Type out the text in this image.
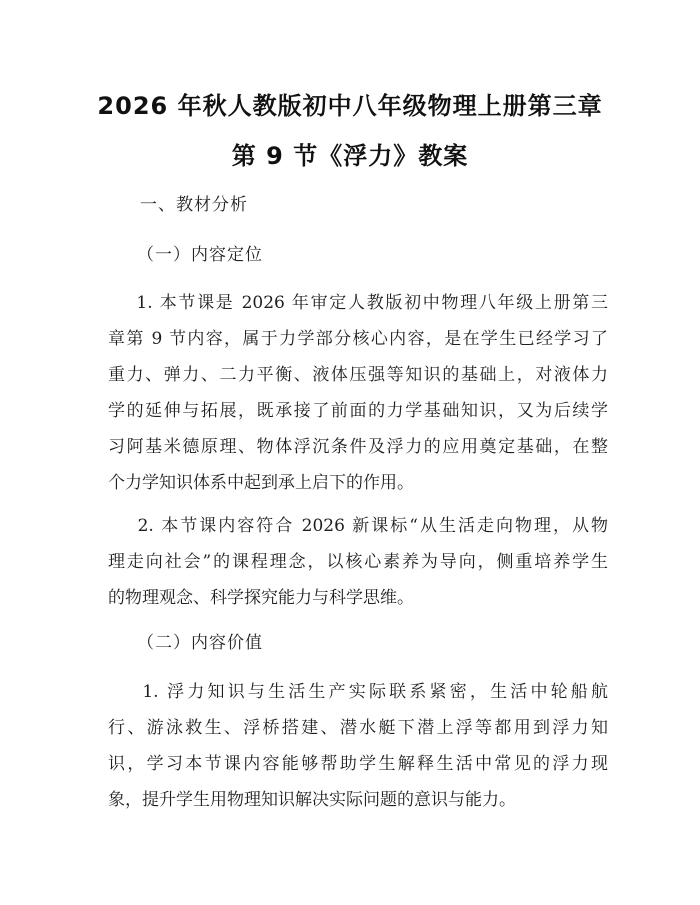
2026 年秋人教版初中八年级物理上册第三章
第 9 节《浮力》教案
一、教材分析
（一）内容定位
1. 本节课是 2026 年审定人教版初中物理八年级上册第三
章第 9 节内容，属于力学部分核心内容，是在学生已经学习了
重力、弹力、二力平衡、液体压强等知识的基础上，对液体力
学的延伸与拓展，既承接了前面的力学基础知识，又为后续学
习阿基米德原理、物体浮沉条件及浮力的应用奠定基础，在整
个力学知识体系中起到承上启下的作用。
2. 本节课内容符合 2026 新课标“从生活走向物理，从物
理走向社会”的课程理念，以核心素养为导向，侧重培养学生
的物理观念、科学探究能力与科学思维。
（二）内容价值
1. 浮力知识与生活生产实际联系紧密，生活中轮船航
行、游泳救生、浮桥搭建、潜水艇下潜上浮等都用到浮力知
识，学习本节课内容能够帮助学生解释生活中常见的浮力现
象，提升学生用物理知识解决实际问题的意识与能力。
